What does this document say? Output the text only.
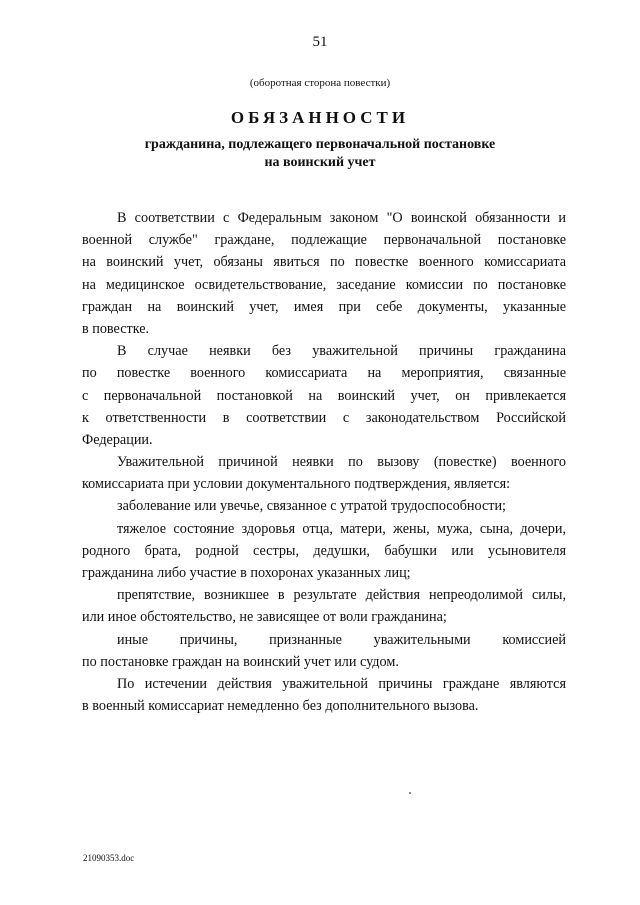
51
(оборотная сторона повестки)
ОБЯЗАННОСТИ
гражданина, подлежащего первоначальной постановке
на воинский учет
В соответствии с Федеральным законом "О воинской обязанности и
военной службе" граждане, подлежащие первоначальной постановке
на воинский учет, обязаны явиться по повестке военного комиссариата
на медицинское освидетельствование, заседание комиссии по постановке
граждан на воинский учет, имея при себе документы, указанные
в повестке.
В случае неявки без уважительной причины гражданина
по повестке военного комиссариата на мероприятия, связанные
с первоначальной постановкой на воинский учет, он привлекается
к ответственности в соответствии с законодательством Российской
Федерации.
Уважительной причиной неявки по вызову (повестке) военного
комиссариата при условии документального подтверждения, является:
заболевание или увечье, связанное с утратой трудоспособности;
тяжелое состояние здоровья отца, матери, жены, мужа, сына, дочери,
родного брата, родной сестры, дедушки, бабушки или усыновителя
гражданина либо участие в похоронах указанных лиц;
препятствие, возникшее в результате действия непреодолимой силы,
или иное обстоятельство, не зависящее от воли гражданина;
иные причины, признанные уважительными комиссией
по постановке граждан на воинский учет или судом.
По истечении действия уважительной причины граждане являются
в военный комиссариат немедленно без дополнительного вызова.
21090353.doc
